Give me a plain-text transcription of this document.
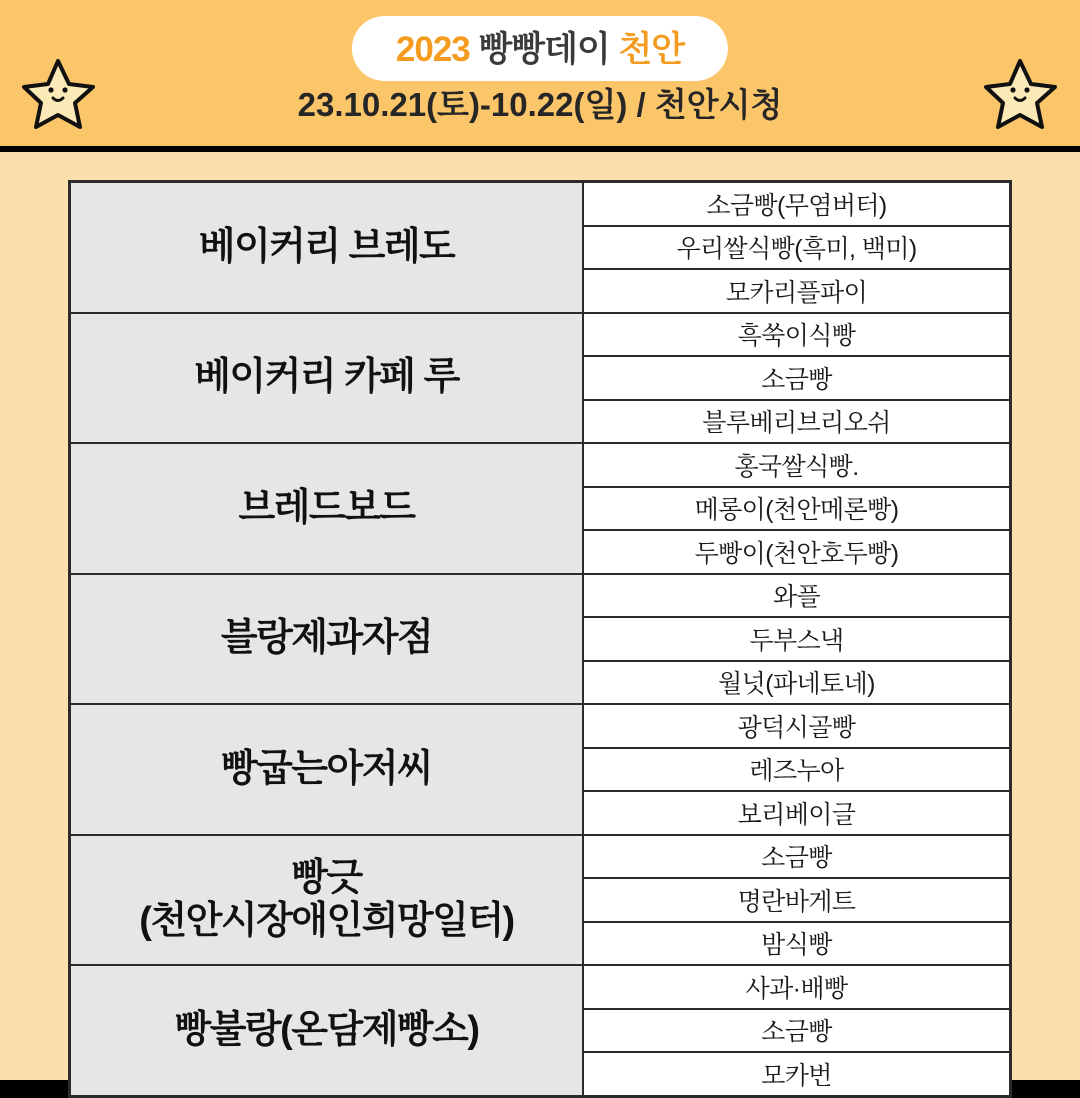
2023 빵빵데이 천안
23.10.21(토)-10.22(일) / 천안시청
베이커리 브레도	소금빵(무염버터)
	우리쌀식빵(흑미, 백미)
	모카리플파이
베이커리 카페 루	흑쑥이식빵
	소금빵
	블루베리브리오쉬
브레드보드	홍국쌀식빵.
	메롱이(천안메론빵)
	두빵이(천안호두빵)
블랑제과자점	와플
	두부스낵
	월넛(파네토네)
빵굽는아저씨	광덕시골빵
	레즈누아
	보리베이글
빵긋
(천안시장애인희망일터)	소금빵
	명란바게트
	밤식빵
빵불랑(온담제빵소)	사과·배빵
	소금빵
	모카번
